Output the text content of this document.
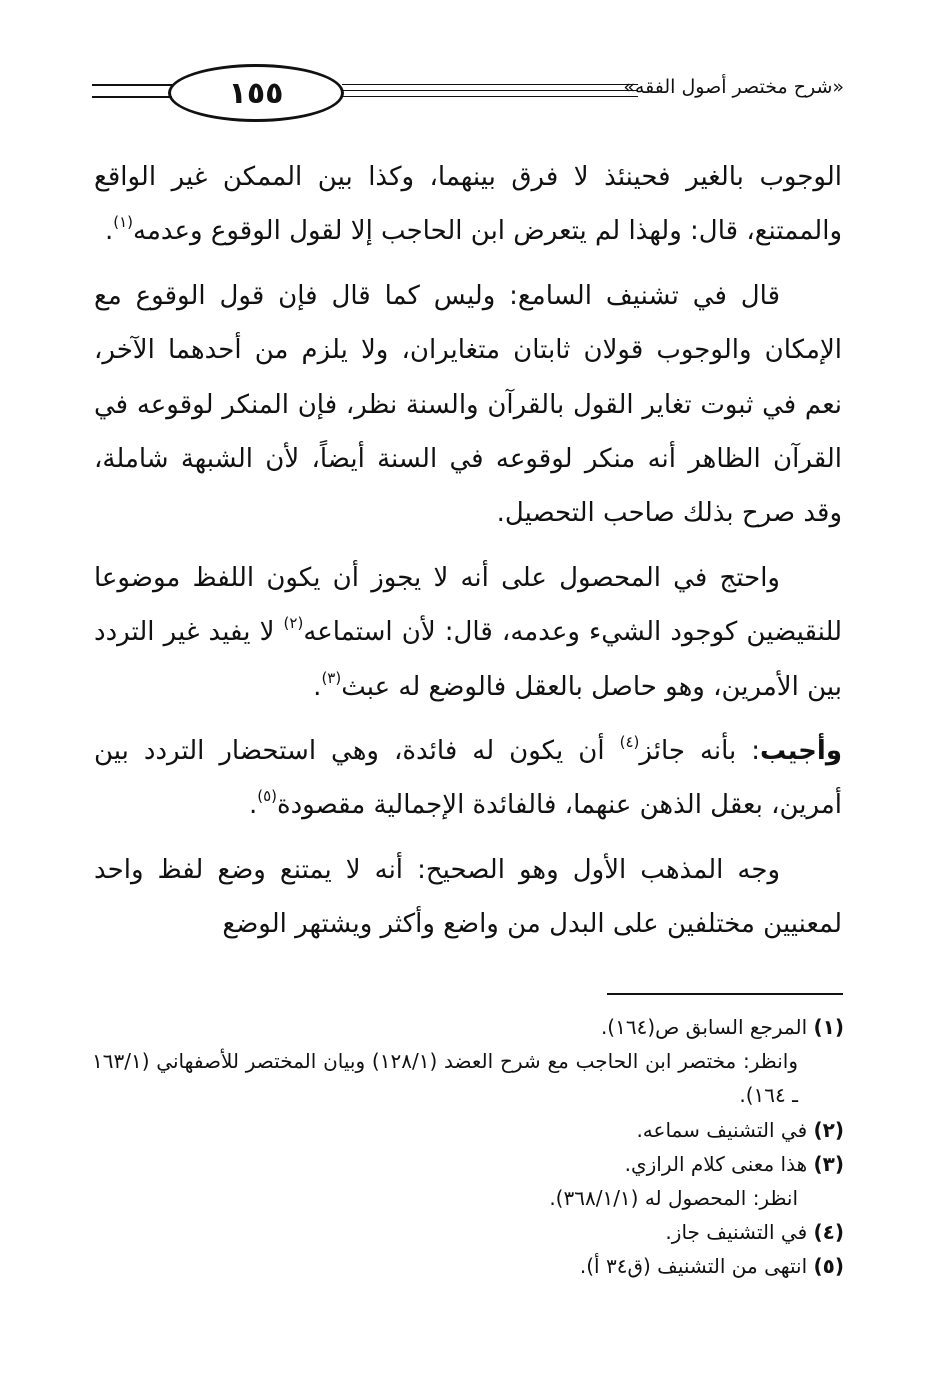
١٥٥	«شرح مختصر أصول الفقه»

الوجوب بالغير فحينئذ لا فرق بينهما، وكذا بين الممكن غير الواقع والممتنع، قال: ولهذا لم يتعرض ابن الحاجب إلا لقول الوقوع وعدمه$^{(١)}$.

قال في تشنيف السامع: وليس كما قال فإن قول الوقوع مع الإمكان والوجوب قولان ثابتان متغايران، ولا يلزم من أحدهما الآخر، نعم في ثبوت تغاير القول بالقرآن والسنة نظر، فإن المنكر لوقوعه في القرآن الظاهر أنه منكر لوقوعه في السنة أيضاً، لأن الشبهة شاملة، وقد صرح بذلك صاحب التحصيل.

واحتج في المحصول على أنه لا يجوز أن يكون اللفظ موضوعا للنقيضين كوجود الشيء وعدمه، قال: لأن استماعه$^{(٢)}$ لا يفيد غير التردد بين الأمرين، وهو حاصل بالعقل فالوضع له عبث$^{(٣)}$.

وأجيب: بأنه جائز$^{(٤)}$ أن يكون له فائدة، وهي استحضار التردد بين أمرين، بعقل الذهن عنهما، فالفائدة الإجمالية مقصودة$^{(٥)}$.

وجه المذهب الأول وهو الصحيح: أنه لا يمتنع وضع لفظ واحد لمعنيين مختلفين على البدل من واضع وأكثر ويشتهر الوضع

(١) المرجع السابق ص(١٦٤).

وانظر: مختصر ابن الحاجب مع شرح العضد (١٢٨/١) وبيان المختصر للأصفهاني (١٦٣/١ ـ ١٦٤).

(٢) في التشنيف سماعه.

(٣) هذا معنى كلام الرازي.

انظر: المحصول له (٣٦٨/١/١).

(٤) في التشنيف جاز.

(٥) انتهى من التشنيف (ق٣٤ أ).
